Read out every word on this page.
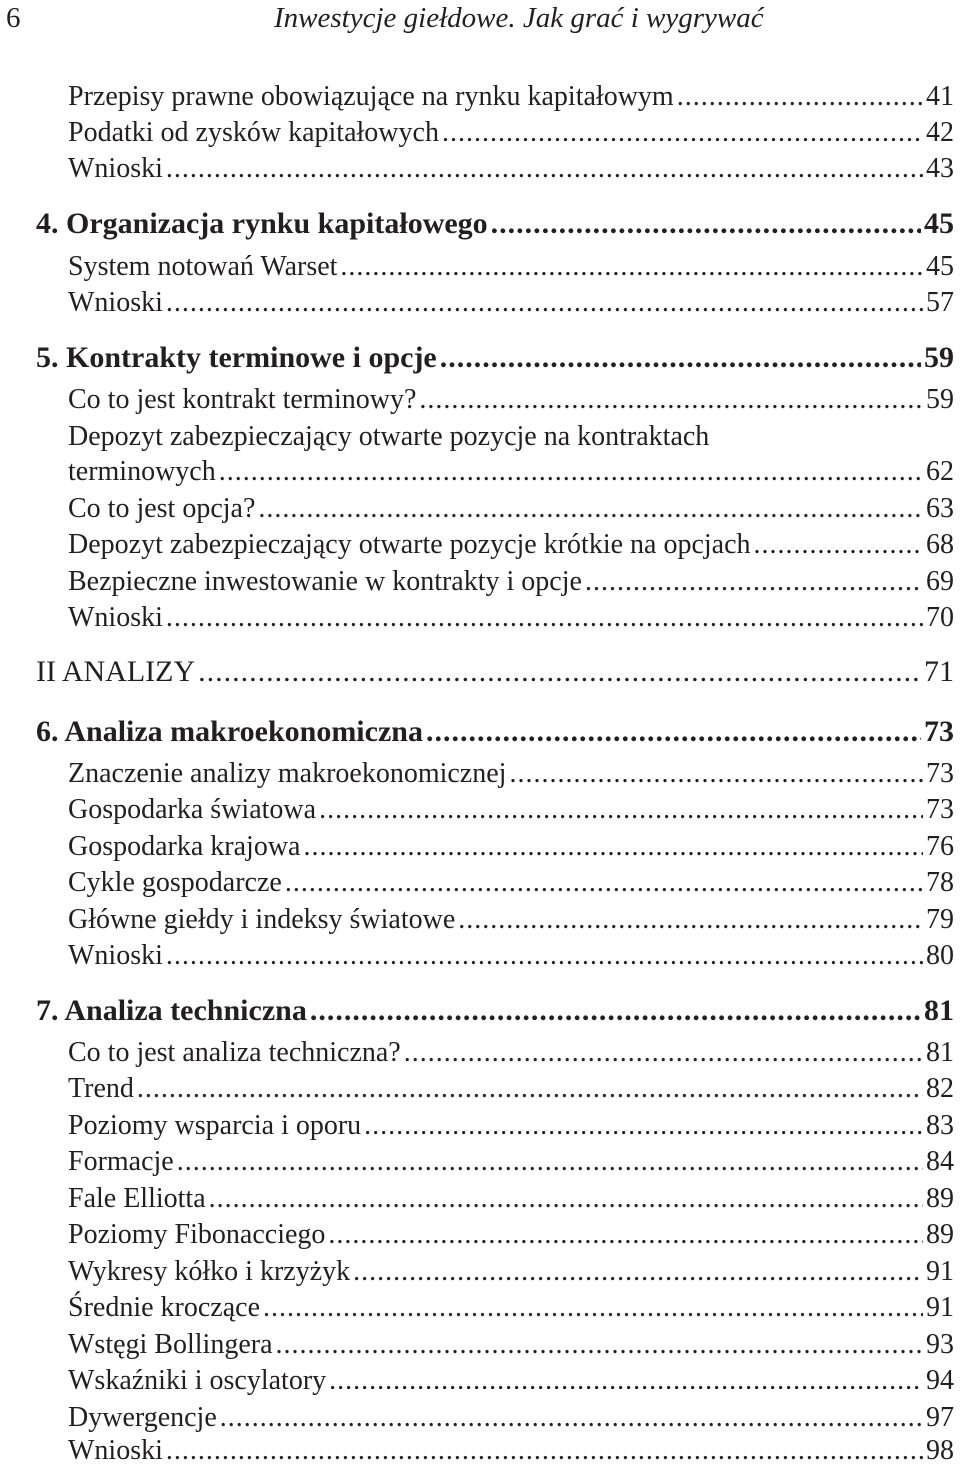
6	Inwestycje giełdowe. Jak grać i wygrywać
Przepisy prawne obowiązujące na rynku kapitałowym .....	41
Podatki od zysków kapitałowych .....	42
Wnioski .....	43
4. Organizacja rynku kapitałowego .....	45
System notowań Warset .....	45
Wnioski .....	57
5. Kontrakty terminowe i opcje .....	59
Co to jest kontrakt terminowy? .....	59
Depozyt zabezpieczający otwarte pozycje na kontraktach
terminowych .....	62
Co to jest opcja? .....	63
Depozyt zabezpieczający otwarte pozycje krótkie na opcjach .....	68
Bezpieczne inwestowanie w kontrakty i opcje .....	69
Wnioski .....	70
II ANALIZY .....	71
6. Analiza makroekonomiczna .....	73
Znaczenie analizy makroekonomicznej .....	73
Gospodarka światowa .....	73
Gospodarka krajowa .....	76
Cykle gospodarcze .....	78
Główne giełdy i indeksy światowe .....	79
Wnioski .....	80
7. Analiza techniczna .....	81
Co to jest analiza techniczna? .....	81
Trend .....	82
Poziomy wsparcia i oporu .....	83
Formacje .....	84
Fale Elliotta .....	89
Poziomy Fibonacciego .....	89
Wykresy kółko i krzyżyk .....	91
Średnie kroczące .....	91
Wstęgi Bollingera .....	93
Wskaźniki i oscylatory .....	94
Dywergencje .....	97
Wnioski .....	98
